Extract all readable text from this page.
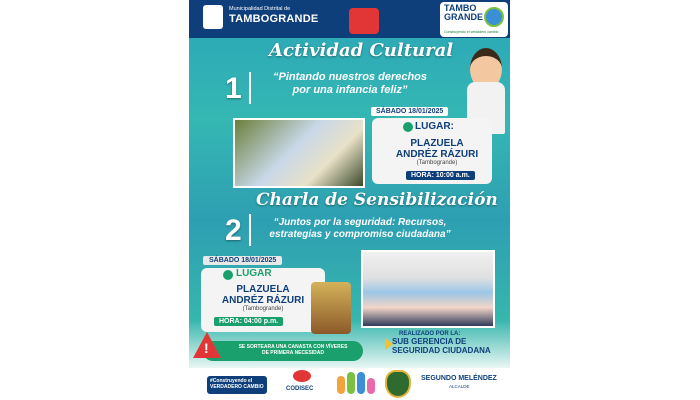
Municipalidad Distrital de
TAMBOGRANDE
TAMBO
GRANDE
Construyendo el verdadero cambio
Actividad Cultural
1	“Pintando nuestros derechos
por una infancia feliz”
SÁBADO 18/01/2025
LUGAR:
PLAZUELA
ANDRÉZ RÁZURI
(Tambogrande)
HORA: 10:00 a.m.
Charla de Sensibilización
2	“Juntos por la seguridad: Recursos,
estrategias y compromiso ciudadana”
SÁBADO 18/01/2025
LUGAR
PLAZUELA
ANDRÉZ RÁZURI
(Tambogrande)
HORA: 04:00 p.m.
!	SE SORTEARA UNA CANASTA CON VÍVERES
DE PRIMERA NECESIDAD
REALIZADO POR LA:
SUB GERENCIA DE
SEGURIDAD CIUDADANA
#Construyendo el
VERDADERO CAMBIO	CODISEC
SEGUNDO MELÉNDEZ
ALCALDE
